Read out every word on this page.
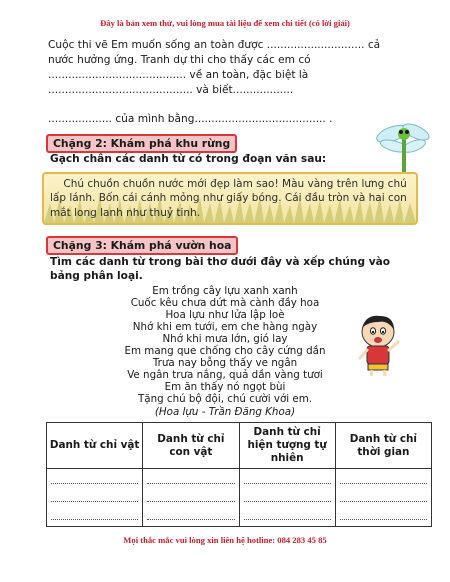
Đây là bản xem thử, vui lòng mua tài liệu để xem chi tiết (có lời giải)
Cuộc thi vẽ Em muốn sống an toàn được ............................. cả
nước hưởng ứng. Tranh dự thi cho thấy các em có
......................................... về an toàn, đặc biệt là
........................................... và biết..................
................... của mình bằng....................................... .
Chặng 2: Khám phá khu rừng
Gạch chân các danh từ có trong đoạn văn sau:
Chú chuồn chuồn nước mới đẹp làm sao! Màu vàng trên lưng chú lấp lánh. Bốn cái cánh mỏng như giấy bóng. Cái đầu tròn và hai con mắt long lanh như thuỷ tinh.
Chặng 3: Khám phá vườn hoa
Tìm các danh từ trong bài thơ dưới đây và xếp chúng vào bảng phân loại.
Em trồng cây lựu xanh xanh
Cuốc kêu chưa dứt mà cành đầy hoa
Hoa lựu như lửa lập loè
Nhớ khi em tưới, em che hàng ngày
Nhớ khi mưa lớn, gió lay
Em mang que chống cho cây cứng dần
Trưa nay bỗng thấy ve ngân
Ve ngân trưa nắng, quả dần vàng tươi
Em ăn thấy nó ngọt bùi
Tặng chú bộ đội, chú cười với em.
(Hoa lựu - Trần Đăng Khoa)
Danh từ chỉ vật	Danh từ chỉ con vật	Danh từ chỉ hiện tượng tự nhiên	Danh từ chỉ thời gian

Mọi thắc mắc vui lòng xin liên hệ hotline: 084 283 45 85
